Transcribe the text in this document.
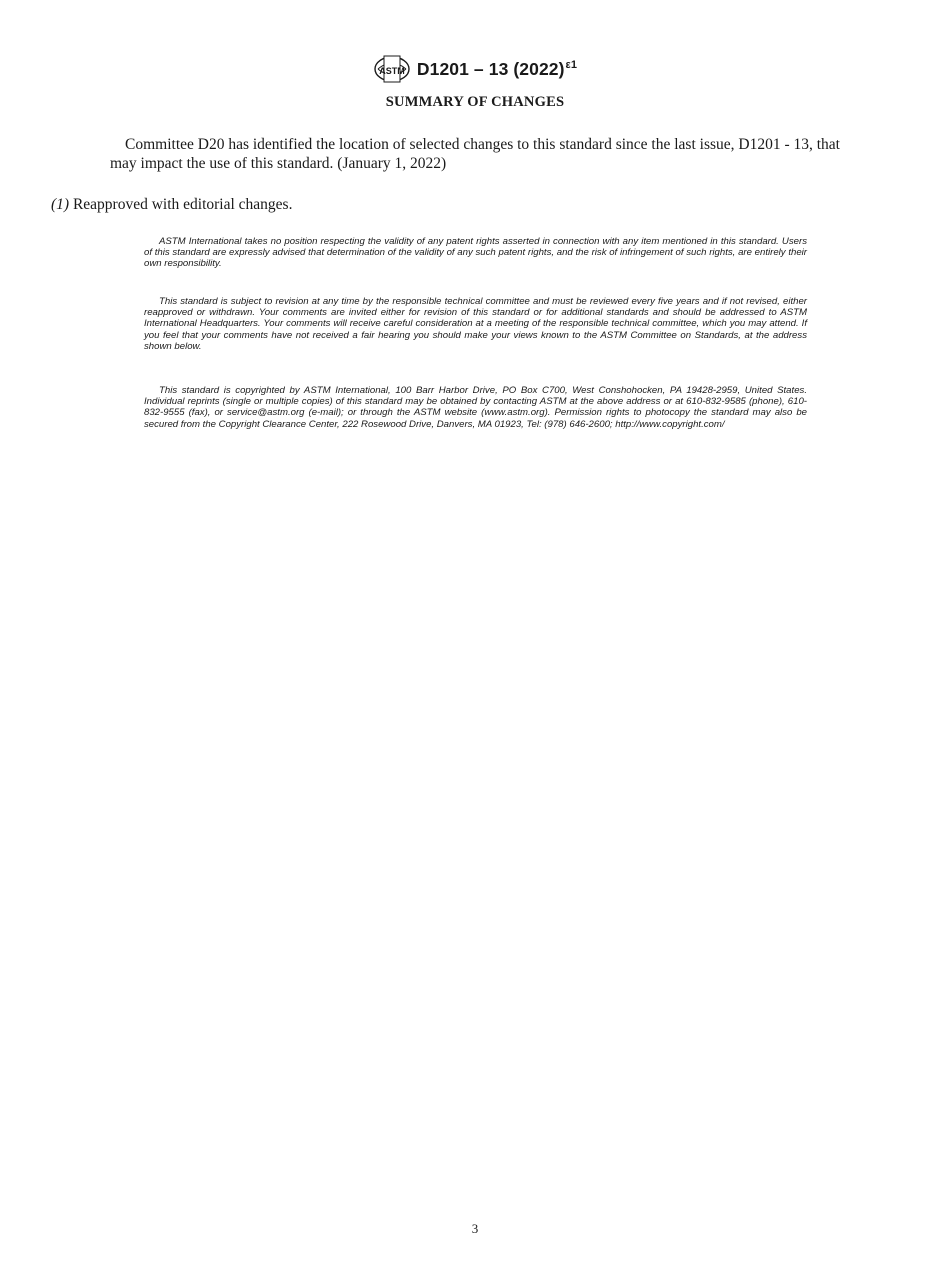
ASTM D1201 – 13 $(2022)^{\varepsilon 1}$
SUMMARY OF CHANGES

Committee D20 has identified the location of selected changes to this standard since the last issue, D1201 - 13, that may impact the use of this standard. (January 1, 2022)

(1) Reapproved with editorial changes.

ASTM International takes no position respecting the validity of any patent rights asserted in connection with any item mentioned in this standard. Users of this standard are expressly advised that determination of the validity of any such patent rights, and the risk of infringement of such rights, are entirely their own responsibility.

This standard is subject to revision at any time by the responsible technical committee and must be reviewed every five years and if not revised, either reapproved or withdrawn. Your comments are invited either for revision of this standard or for additional standards and should be addressed to ASTM International Headquarters. Your comments will receive careful consideration at a meeting of the responsible technical committee, which you may attend. If you feel that your comments have not received a fair hearing you should make your views known to the ASTM Committee on Standards, at the address shown below.

This standard is copyrighted by ASTM International, 100 Barr Harbor Drive, PO Box C700, West Conshohocken, PA 19428-2959, United States. Individual reprints (single or multiple copies) of this standard may be obtained by contacting ASTM at the above address or at 610-832-9585 (phone), 610-832-9555 (fax), or service@astm.org (e-mail); or through the ASTM website (www.astm.org). Permission rights to photocopy the standard may also be secured from the Copyright Clearance Center, 222 Rosewood Drive, Danvers, MA 01923, Tel: (978) 646-2600; http://www.copyright.com/

3
